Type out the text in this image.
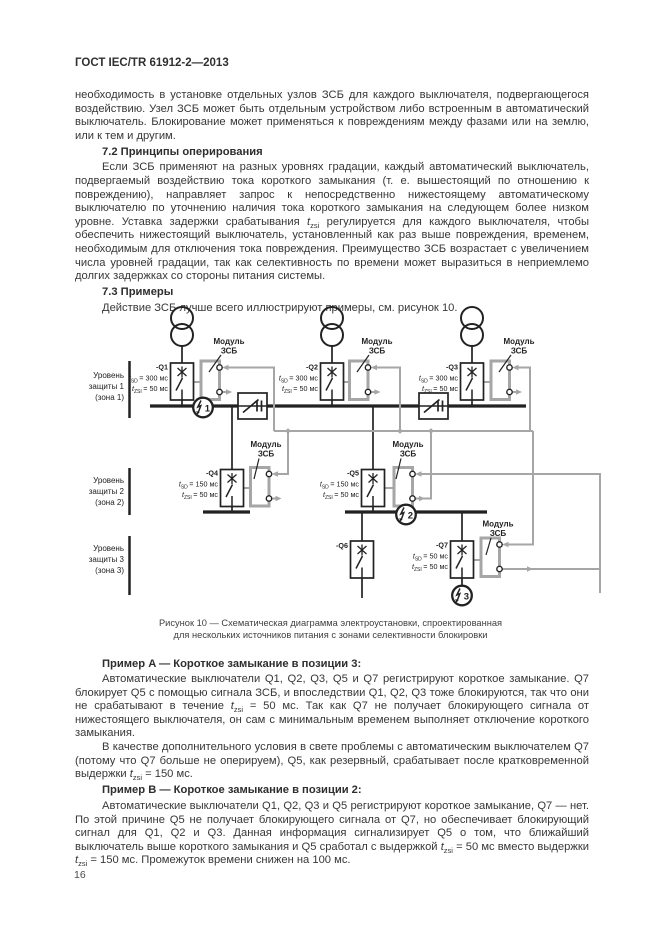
ГОСТ IEC/TR 61912-2—2013

необходимость в установке отдельных узлов ЗСБ для каждого выключателя, подвергающегося воздействию. Узел ЗСБ может быть отдельным устройством либо встроенным в автоматический выключатель. Блокирование может применяться к повреждениям между фазами или на землю, или к тем и другим.

7.2 Принципы оперирования

Если ЗСБ применяют на разных уровнях градации, каждый автоматический выключатель, подвергаемый воздействию тока короткого замыкания (т. е. вышестоящий по отношению к повреждению), направляет запрос к непосредственно нижестоящему автоматическому выключателю по уточнению наличия тока короткого замыкания на следующем более низком уровне. Уставка задержки срабатывания $t_{zsi}$ регулируется для каждого выключателя, чтобы обеспечить нижестоящий выключатель, установленный как раз выше повреждения, временем, необходимым для отключения тока повреждения. Преимущество ЗСБ возрастает с увеличением числа уровней градации, так как селективность по времени может выразиться в неприемлемо долгих задержках со стороны питания системы.

7.3 Примеры

Действие ЗСБ лучше всего иллюстрируют примеры, см. рисунок 10.

Уровень
защиты 1
(зона 1)
Уровень
защиты 2
(зона 2)
Уровень
защиты 3
(зона 3)
Модуль
ЗСБ
Модуль
ЗСБ
Модуль
ЗСБ
Модуль
ЗСБ
Модуль
ЗСБ
Модуль
ЗСБ
-Q1
$t_{SD} = 300$ мс
$t_{ZSI} = 50$ мс
-Q2
$t_{SD} = 300$ мс
$t_{ZSI} = 50$ мс
-Q3
$t_{SD} = 300$ мс
$t_{ZSI} = 50$ мс
-Q4
$t_{SD} = 150$ мс
$t_{ZSI} = 50$ мс
-Q5
$t_{SD} = 150$ мс
$t_{ZSI} = 50$ мс
-Q6	-Q7
$t_{SD} = 50$ мс
$t_{ZSI} = 50$ мс
1
2
3
Рисунок 10 — Схематическая диаграмма электроустановки, спроектированная
для нескольких источников питания с зонами селективности блокировки

Пример A — Короткое замыкание в позиции 3:

Автоматические выключатели Q1, Q2, Q3, Q5 и Q7 регистрируют короткое замыкание. Q7 блокирует Q5 с помощью сигнала ЗСБ, и впоследствии Q1, Q2, Q3 тоже блокируются, так что они не срабатывают в течение $t_{zsi} = 50$ мс. Так как Q7 не получает блокирующего сигнала от нижестоящего выключателя, он сам с минимальным временем выполняет отключение короткого замыкания.

В качестве дополнительного условия в свете проблемы с автоматическим выключателем Q7 (потому что Q7 больше не оперируем), Q5, как резервный, срабатывает после кратковременной выдержки $t_{zsi} = 150$ мс.

Пример B — Короткое замыкание в позиции 2:

Автоматические выключатели Q1, Q2, Q3 и Q5 регистрируют короткое замыкание, Q7 — нет. По этой причине Q5 не получает блокирующего сигнала от Q7, но обеспечивает блокирующий сигнал для Q1, Q2 и Q3. Данная информация сигнализирует Q5 о том, что ближайший выключатель выше короткого замыкания и Q5 сработал с выдержкой $t_{zsi} = 50$ мс вместо выдержки $t_{zsi} = 150$ мс. Промежуток времени снижен на 100 мс.

16
